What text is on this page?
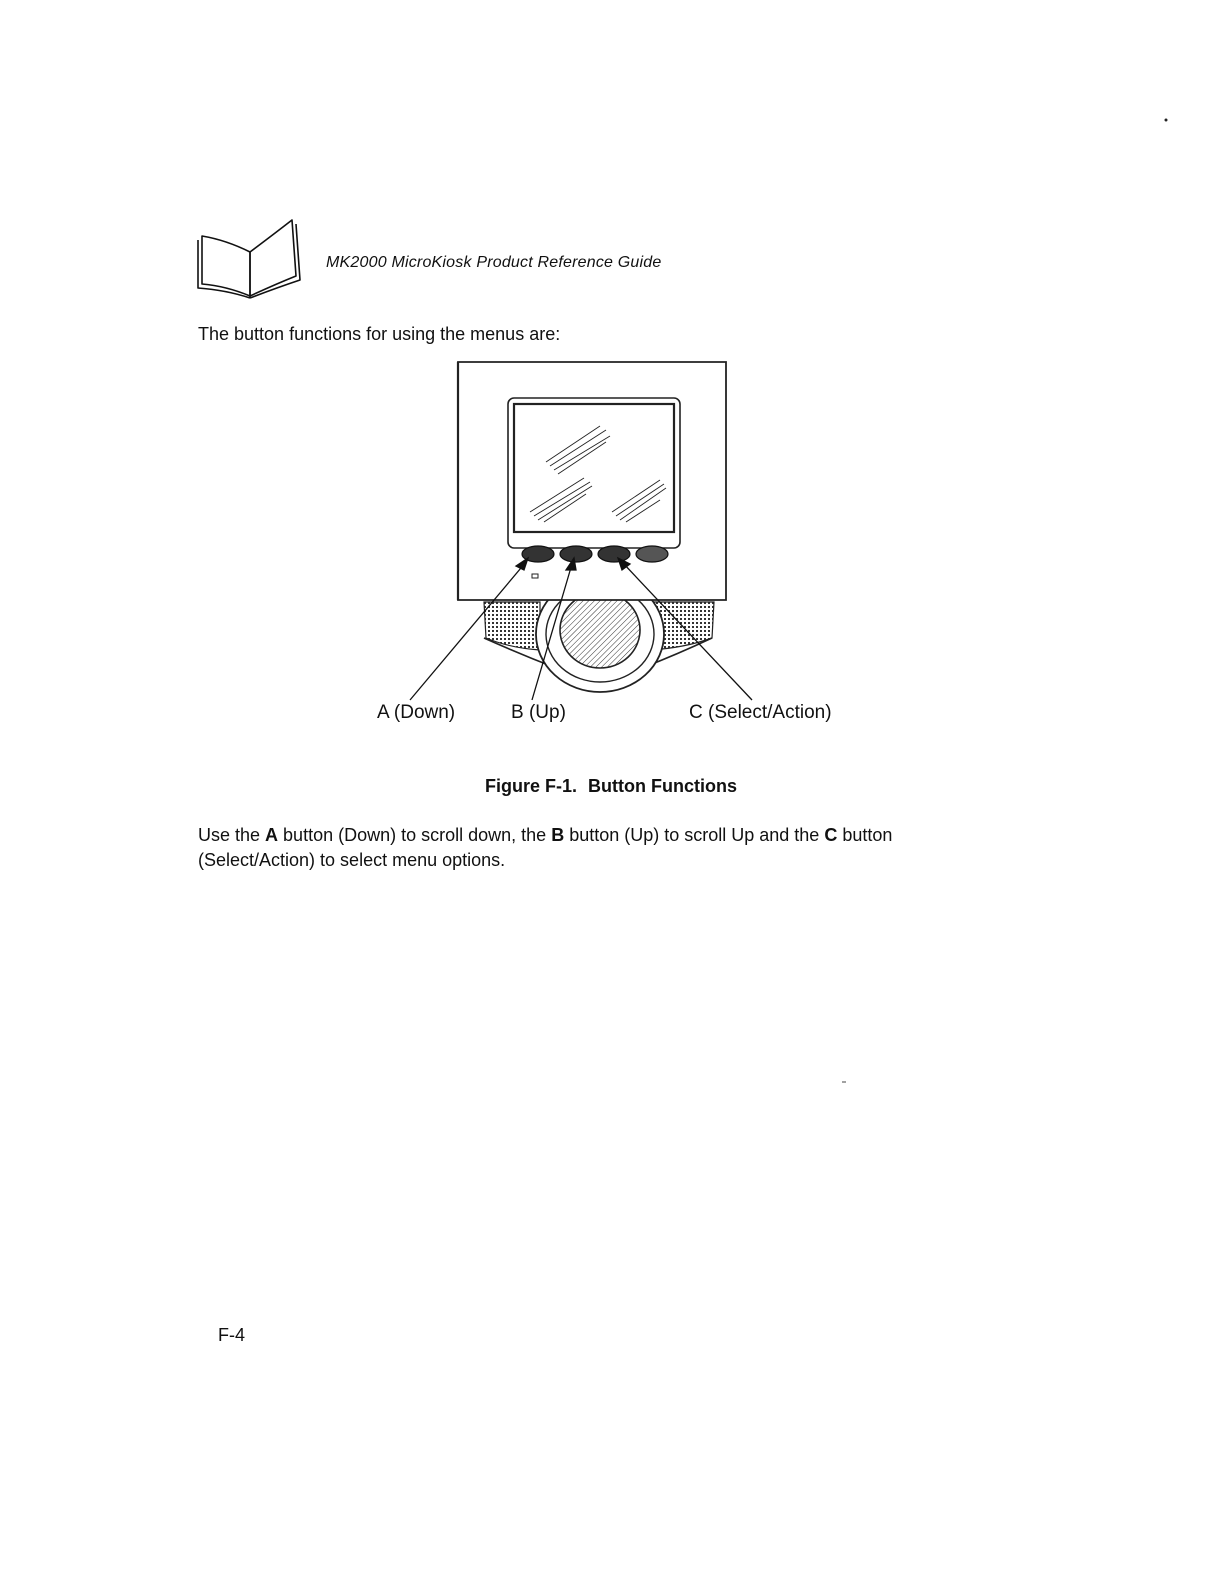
MK2000 MicroKiosk Product Reference Guide
The button functions for using the menus are:
A (Down)	B (Up)	C (Select/Action)
Figure F-1. Button Functions
Use the A button (Down) to scroll down, the B button (Up) to scroll Up and the C button (Select/Action) to select menu options.
F-4
